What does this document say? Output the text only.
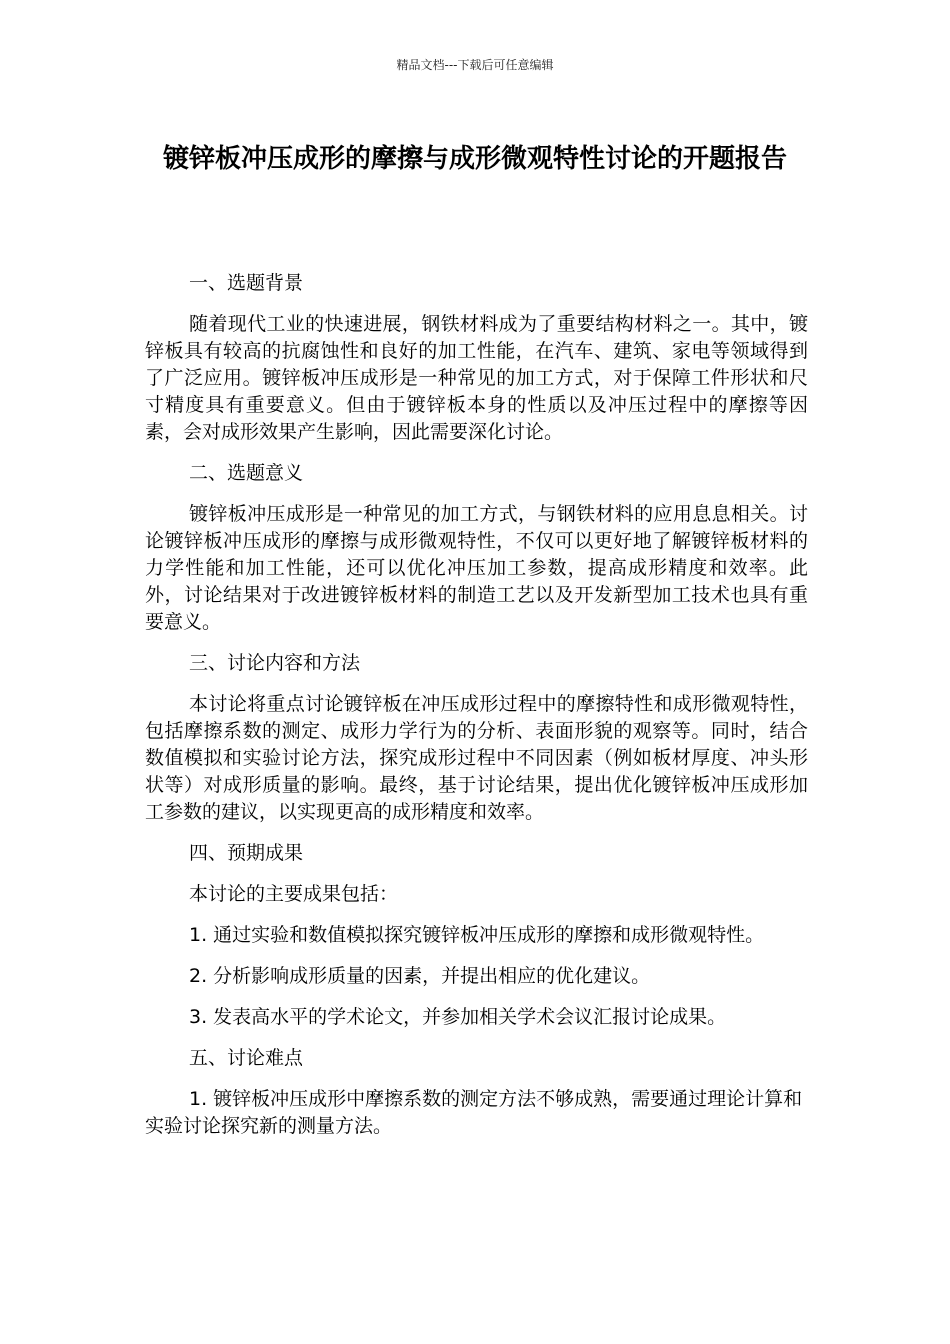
精品文档---下载后可任意编辑
镀锌板冲压成形的摩擦与成形微观特性讨论的开题报告

一、选题背景

随着现代工业的快速进展，钢铁材料成为了重要结构材料之一。其中，镀锌板具有较高的抗腐蚀性和良好的加工性能，在汽车、建筑、家电等领域得到了广泛应用。镀锌板冲压成形是一种常见的加工方式，对于保障工件形状和尺寸精度具有重要意义。但由于镀锌板本身的性质以及冲压过程中的摩擦等因素，会对成形效果产生影响，因此需要深化讨论。

二、选题意义

镀锌板冲压成形是一种常见的加工方式，与钢铁材料的应用息息相关。讨论镀锌板冲压成形的摩擦与成形微观特性，不仅可以更好地了解镀锌板材料的力学性能和加工性能，还可以优化冲压加工参数，提高成形精度和效率。此外，讨论结果对于改进镀锌板材料的制造工艺以及开发新型加工技术也具有重要意义。

三、讨论内容和方法

本讨论将重点讨论镀锌板在冲压成形过程中的摩擦特性和成形微观特性，包括摩擦系数的测定、成形力学行为的分析、表面形貌的观察等。同时，结合数值模拟和实验讨论方法，探究成形过程中不同因素（例如板材厚度、冲头形状等）对成形质量的影响。最终，基于讨论结果，提出优化镀锌板冲压成形加工参数的建议，以实现更高的成形精度和效率。

四、预期成果

本讨论的主要成果包括：

1. 通过实验和数值模拟探究镀锌板冲压成形的摩擦和成形微观特性。

2. 分析影响成形质量的因素，并提出相应的优化建议。

3. 发表高水平的学术论文，并参加相关学术会议汇报讨论成果。

五、讨论难点

1. 镀锌板冲压成形中摩擦系数的测定方法不够成熟，需要通过理论计算和实验讨论探究新的测量方法。
